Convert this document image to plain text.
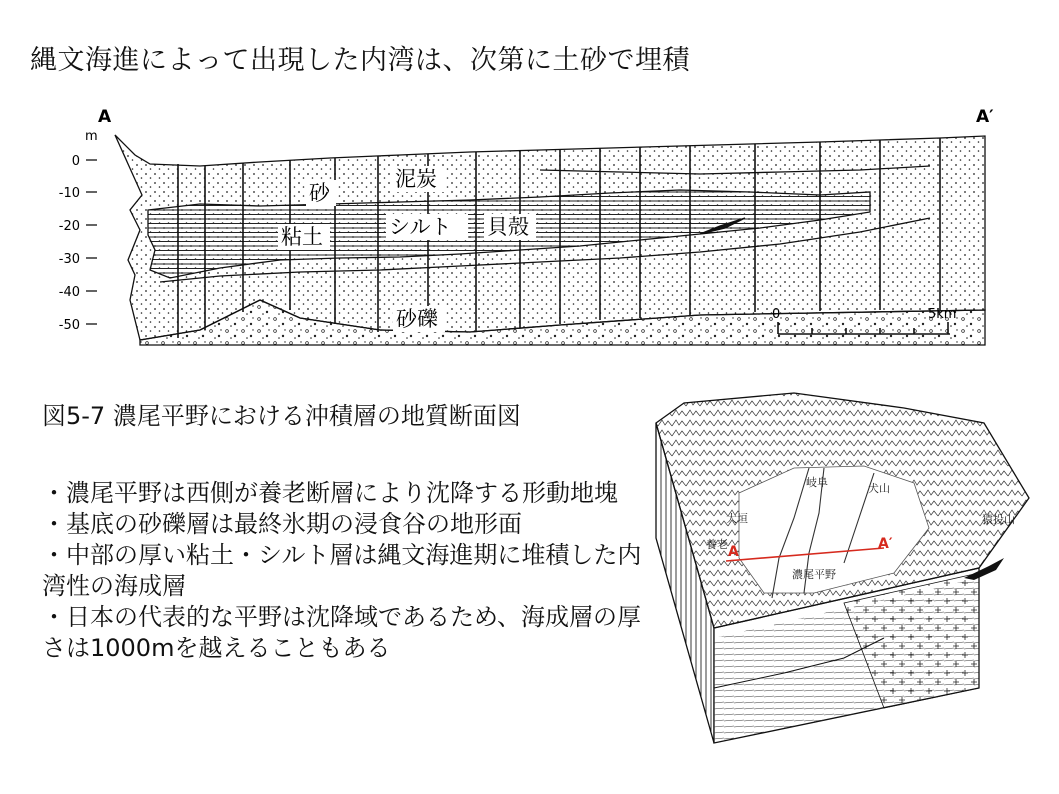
縄文海進によって出現した内湾は、次第に土砂で埋積
A	A′
m
0
-10
-20
-30
-40
-50
砂
泥炭
粘土	シルト 貝殻
砂礫	0	5km
図5-7 濃尾平野における沖積層の地質断面図
・濃尾平野は西側が養老断層により沈降する形動地塊
・基底の砂礫層は最終氷期の浸食谷の地形面
・中部の厚い粘土・シルト層は縄文海進期に堆積した内湾性の海成層
・日本の代表的な平野は沈降域であるため、海成層の厚さは1000mを越えることもある
A	A′
岐阜	犬山
大垣
養老
濃尾平野
猿投山
